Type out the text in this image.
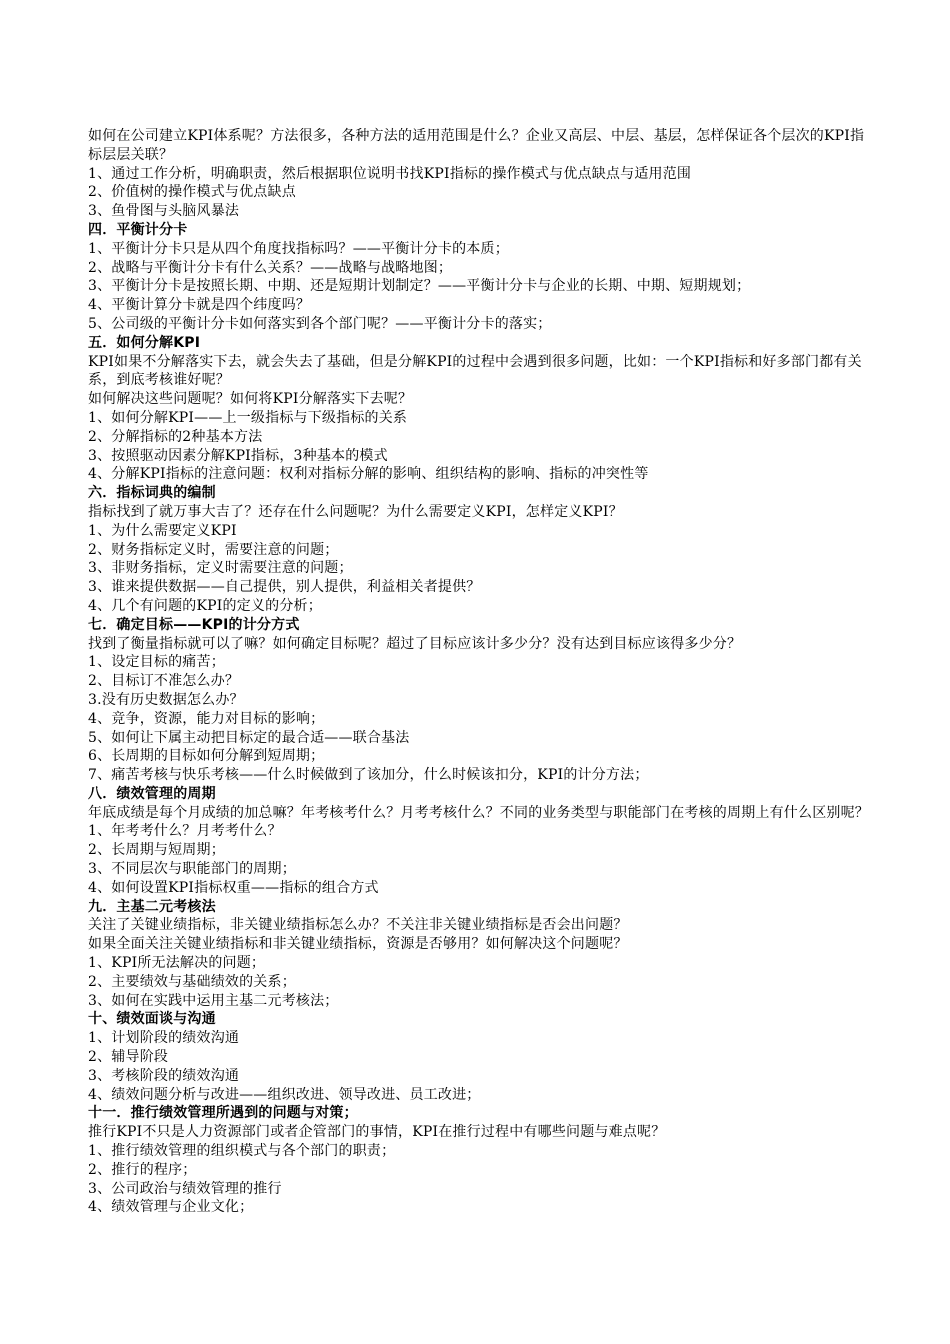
如何在公司建立KPI体系呢？方法很多，各种方法的适用范围是什么？企业又高层、中层、基层，怎样保证各个层次的KPI指标层层关联？
1、通过工作分析，明确职责，然后根据职位说明书找KPI指标的操作模式与优点缺点与适用范围
2、价值树的操作模式与优点缺点
3、鱼骨图与头脑风暴法
四．平衡计分卡
1、平衡计分卡只是从四个角度找指标吗？——平衡计分卡的本质；
2、战略与平衡计分卡有什么关系？——战略与战略地图；
3、平衡计分卡是按照长期、中期、还是短期计划制定？——平衡计分卡与企业的长期、中期、短期规划；
4、平衡计算分卡就是四个纬度吗？
5、公司级的平衡计分卡如何落实到各个部门呢？——平衡计分卡的落实；
五．如何分解KPI
KPI如果不分解落实下去，就会失去了基础，但是分解KPI的过程中会遇到很多问题，比如：一个KPI指标和好多部门都有关系，到底考核谁好呢？
如何解决这些问题呢？如何将KPI分解落实下去呢？
1、如何分解KPI——上一级指标与下级指标的关系
2、分解指标的2种基本方法
3、按照驱动因素分解KPI指标，3种基本的模式
4、分解KPI指标的注意问题：权利对指标分解的影响、组织结构的影响、指标的冲突性等
六．指标词典的编制
指标找到了就万事大吉了？还存在什么问题呢？为什么需要定义KPI，怎样定义KPI？
1、为什么需要定义KPI
2、财务指标定义时，需要注意的问题；
3、非财务指标，定义时需要注意的问题；
3、谁来提供数据——自己提供，别人提供，利益相关者提供？
4、几个有问题的KPI的定义的分析；
七．确定目标——KPI的计分方式
找到了衡量指标就可以了嘛？如何确定目标呢？超过了目标应该计多少分？没有达到目标应该得多少分？
1、设定目标的痛苦；
2、目标订不准怎么办？
3.没有历史数据怎么办？
4、竞争，资源，能力对目标的影响；
5、如何让下属主动把目标定的最合适——联合基法
6、长周期的目标如何分解到短周期；
7、痛苦考核与快乐考核——什么时候做到了该加分，什么时候该扣分，KPI的计分方法；
八．绩效管理的周期
年底成绩是每个月成绩的加总嘛？年考核考什么？月考考核什么？不同的业务类型与职能部门在考核的周期上有什么区别呢？
1、年考考什么？月考考什么？
2、长周期与短周期；
3、不同层次与职能部门的周期；
4、如何设置KPI指标权重——指标的组合方式
九．主基二元考核法
关注了关键业绩指标，非关键业绩指标怎么办？不关注非关键业绩指标是否会出问题？
如果全面关注关键业绩指标和非关键业绩指标，资源是否够用？如何解决这个问题呢？
1、KPI所无法解决的问题；
2、主要绩效与基础绩效的关系；
3、如何在实践中运用主基二元考核法；
十、绩效面谈与沟通
1、计划阶段的绩效沟通
2、辅导阶段
3、考核阶段的绩效沟通
4、绩效问题分析与改进——组织改进、领导改进、员工改进；
十一．推行绩效管理所遇到的问题与对策；
推行KPI不只是人力资源部门或者企管部门的事情，KPI在推行过程中有哪些问题与难点呢？
1、推行绩效管理的组织模式与各个部门的职责；
2、推行的程序；
3、公司政治与绩效管理的推行
4、绩效管理与企业文化；
